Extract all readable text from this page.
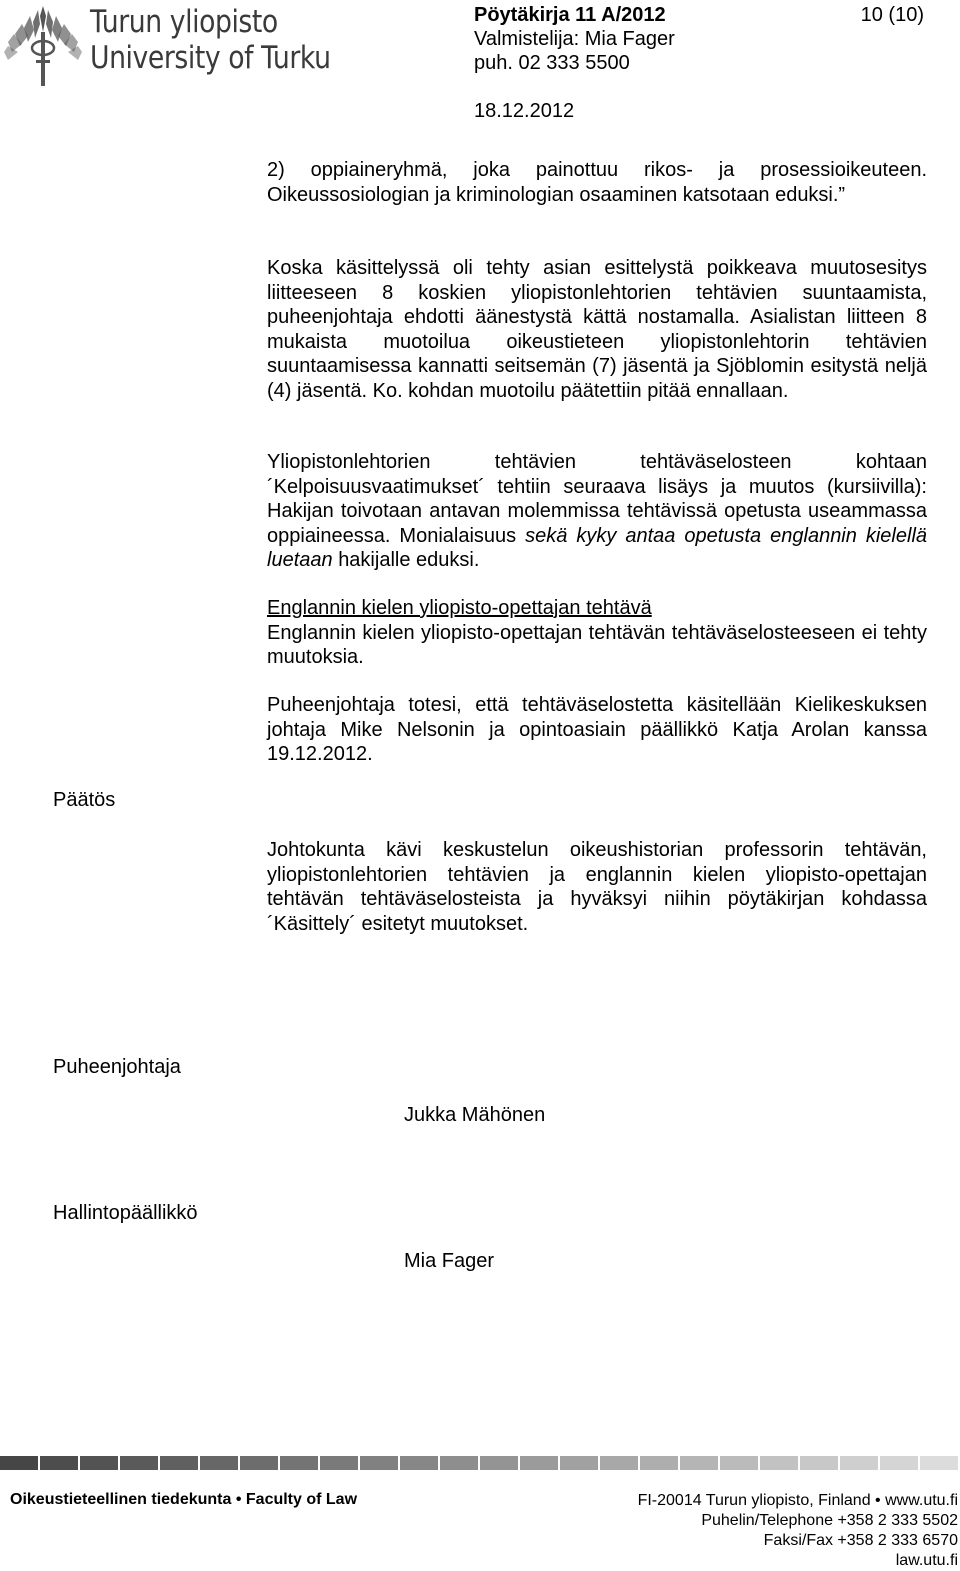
Turun yliopisto
University of Turku
Pöytäkirja 11 A/2012	10 (10)
Valmistelija: Mia Fager
puh. 02 333 5500
18.12.2012

2) oppiaineryhmä, joka painottuu rikos- ja prosessioikeuteen. Oikeussosiologian ja kriminologian osaaminen katsotaan eduksi.”

Koska käsittelyssä oli tehty asian esittelystä poikkeava muutosesitys liitteeseen 8 koskien yliopistonlehtorien tehtävien suuntaamista, puheenjohtaja ehdotti äänestystä kättä nostamalla. Asialistan liitteen 8 mukaista muotoilua oikeustieteen yliopistonlehtorin tehtävien suuntaamisessa kannatti seitsemän (7) jäsentä ja Sjöblomin esitystä neljä (4) jäsentä. Ko. kohdan muotoilu päätettiin pitää ennallaan.

Yliopistonlehtorien tehtävien tehtäväselosteen kohtaan ´Kelpoisuusvaatimukset´ tehtiin seuraava lisäys ja muutos (kursiivilla): Hakijan toivotaan antavan molemmissa tehtävissä opetusta useammassa oppiaineessa. Monialaisuus sekä kyky antaa opetusta englannin kielellä luetaan hakijalle eduksi.

Englannin kielen yliopisto-opettajan tehtävä

Englannin kielen yliopisto-opettajan tehtävän tehtäväselosteeseen ei tehty muutoksia.

Puheenjohtaja totesi, että tehtäväselostetta käsitellään Kielikeskuksen johtaja Mike Nelsonin ja opintoasiain päällikkö Katja Arolan kanssa 19.12.2012.

Päätös

Johtokunta kävi keskustelun oikeushistorian professorin tehtävän, yliopistonlehtorien tehtävien ja englannin kielen yliopisto-opettajan tehtävän tehtäväselosteista ja hyväksyi niihin pöytäkirjan kohdassa ´Käsittely´ esitetyt muutokset.

Puheenjohtaja
Jukka Mähönen
Hallintopäällikkö
Mia Fager
Oikeustieteellinen tiedekunta • Faculty of Law	FI-20014 Turun yliopisto, Finland • www.utu.fi
Puhelin/Telephone +358 2 333 5502
Faksi/Fax +358 2 333 6570
law.utu.fi
